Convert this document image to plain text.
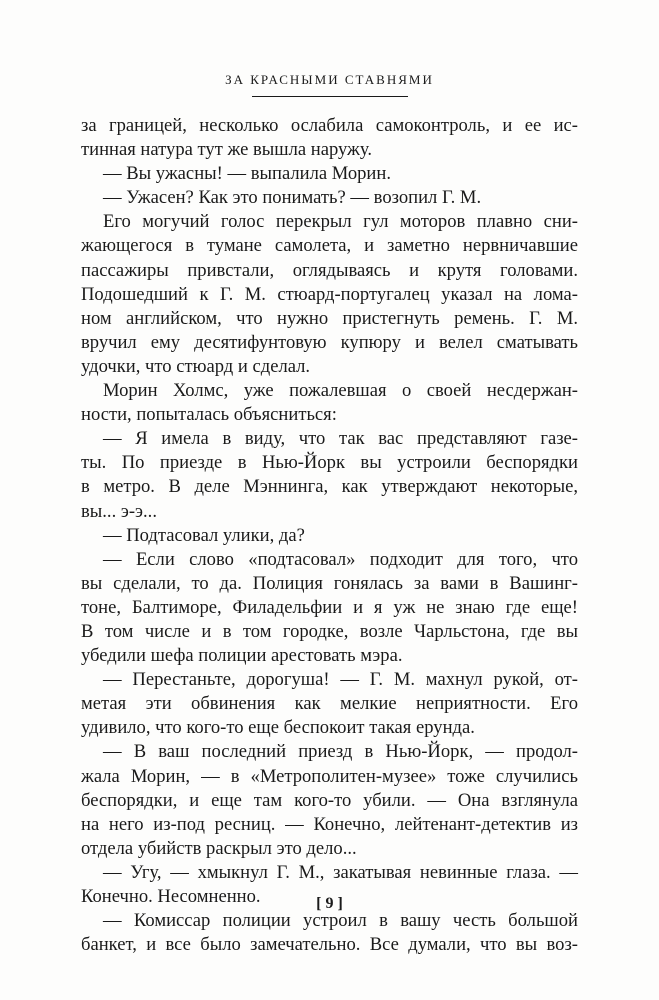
ЗА КРАСНЫМИ СТАВНЯМИ

за границей, несколько ослабила самоконтроль, и ее ис-

тинная натура тут же вышла наружу.

— Вы ужасны! — выпалила Морин.

— Ужасен? Как это понимать? — возопил Г. М.

Его могучий голос перекрыл гул моторов плавно сни-

жающегося в тумане самолета, и заметно нервничавшие

пассажиры привстали, оглядываясь и крутя головами.

Подошедший к Г. М. стюард-португалец указал на лома-

ном английском, что нужно пристегнуть ремень. Г. М.

вручил ему десятифунтовую купюру и велел сматывать

удочки, что стюард и сделал.

Морин Холмс, уже пожалевшая о своей несдержан-

ности, попыталась объясниться:

— Я имела в виду, что так вас представляют газе-

ты. По приезде в Нью-Йорк вы устроили беспорядки

в метро. В деле Мэннинга, как утверждают некоторые,

вы... э-э...

— Подтасовал улики, да?

— Если слово «подтасовал» подходит для того, что

вы сделали, то да. Полиция гонялась за вами в Вашинг-

тоне, Балтиморе, Филадельфии и я уж не знаю где еще!

В том числе и в том городке, возле Чарльстона, где вы

убедили шефа полиции арестовать мэра.

— Перестаньте, дорогуша! — Г. М. махнул рукой, от-

метая эти обвинения как мелкие неприятности. Его

удивило, что кого-то еще беспокоит такая ерунда.

— В ваш последний приезд в Нью-Йорк, — продол-

жала Морин, — в «Метрополитен-музее» тоже случились

беспорядки, и еще там кого-то убили. — Она взглянула

на него из-под ресниц. — Конечно, лейтенант-детектив из

отдела убийств раскрыл это дело...

— Угу, — хмыкнул Г. М., закатывая невинные глаза. —

Конечно. Несомненно.

— Комиссар полиции устроил в вашу честь большой

банкет, и все было замечательно. Все думали, что вы воз-

[ 9 ]
